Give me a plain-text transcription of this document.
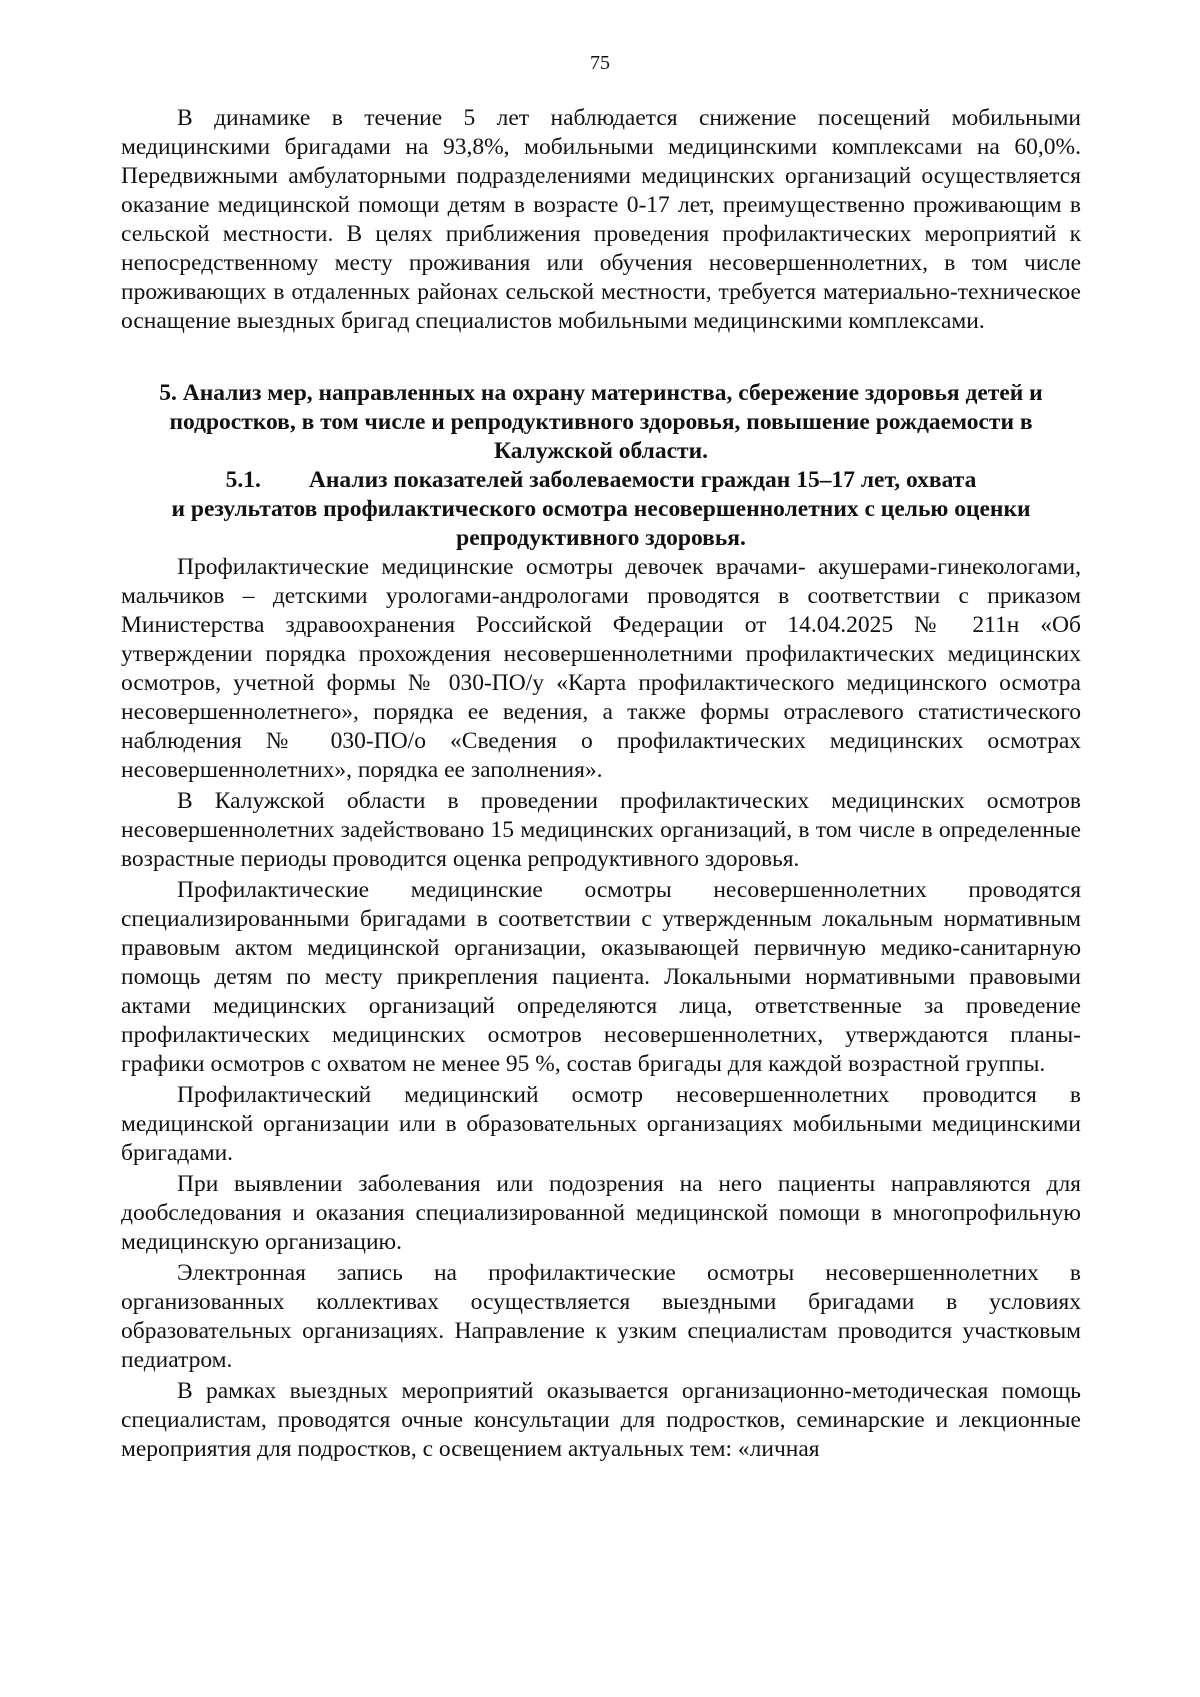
75

В динамике в течение 5 лет наблюдается снижение посещений мобильными медицинскими бригадами на 93,8%, мобильными медицинскими комплексами на 60,0%. Передвижными амбулаторными подразделениями медицинских организаций осуществляется оказание медицинской помощи детям в возрасте 0-17 лет, преимущественно проживающим в сельской местности. В целях приближения проведения профилактических мероприятий к непосредственному месту проживания или обучения несовершеннолетних, в том числе проживающих в отдаленных районах сельской местности, требуется материально-техническое оснащение выездных бригад специалистов мобильными медицинскими комплексами.

5. Анализ мер, направленных на охрану материнства, сбережение здоровья детей и подростков, в том числе и репродуктивного здоровья, повышение рождаемости в Калужской области.

5.1. Анализ показателей заболеваемости граждан 15–17 лет, охвата
и результатов профилактического осмотра несовершеннолетних с целью оценки репродуктивного здоровья.

Профилактические медицинские осмотры девочек врачами- акушерами-гинекологами, мальчиков – детскими урологами-андрологами проводятся в соответствии с приказом Министерства здравоохранения Российской Федерации от 14.04.2025 № 211н «Об утверждении порядка прохождения несовершеннолетними профилактических медицинских осмотров, учетной формы № 030-ПО/у «Карта профилактического медицинского осмотра несовершеннолетнего», порядка ее ведения, а также формы отраслевого статистического наблюдения № 030-ПО/о «Сведения о профилактических медицинских осмотрах несовершеннолетних», порядка ее заполнения».

В Калужской области в проведении профилактических медицинских осмотров несовершеннолетних задействовано 15 медицинских организаций, в том числе в определенные возрастные периоды проводится оценка репродуктивного здоровья.

Профилактические медицинские осмотры несовершеннолетних проводятся специализированными бригадами в соответствии с утвержденным локальным нормативным правовым актом медицинской организации, оказывающей первичную медико-санитарную помощь детям по месту прикрепления пациента. Локальными нормативными правовыми актами медицинских организаций определяются лица, ответственные за проведение профилактических медицинских осмотров несовершеннолетних, утверждаются планы-графики осмотров с охватом не менее 95 %, состав бригады для каждой возрастной группы.

Профилактический медицинский осмотр несовершеннолетних проводится в медицинской организации или в образовательных организациях мобильными медицинскими бригадами.

При выявлении заболевания или подозрения на него пациенты направляются для дообследования и оказания специализированной медицинской помощи в многопрофильную медицинскую организацию.

Электронная запись на профилактические осмотры несовершеннолетних в организованных коллективах осуществляется выездными бригадами в условиях образовательных организациях. Направление к узким специалистам проводится участковым педиатром.

В рамках выездных мероприятий оказывается организационно-методическая помощь специалистам, проводятся очные консультации для подростков, семинарские и лекционные мероприятия для подростков, с освещением актуальных тем: «личная
